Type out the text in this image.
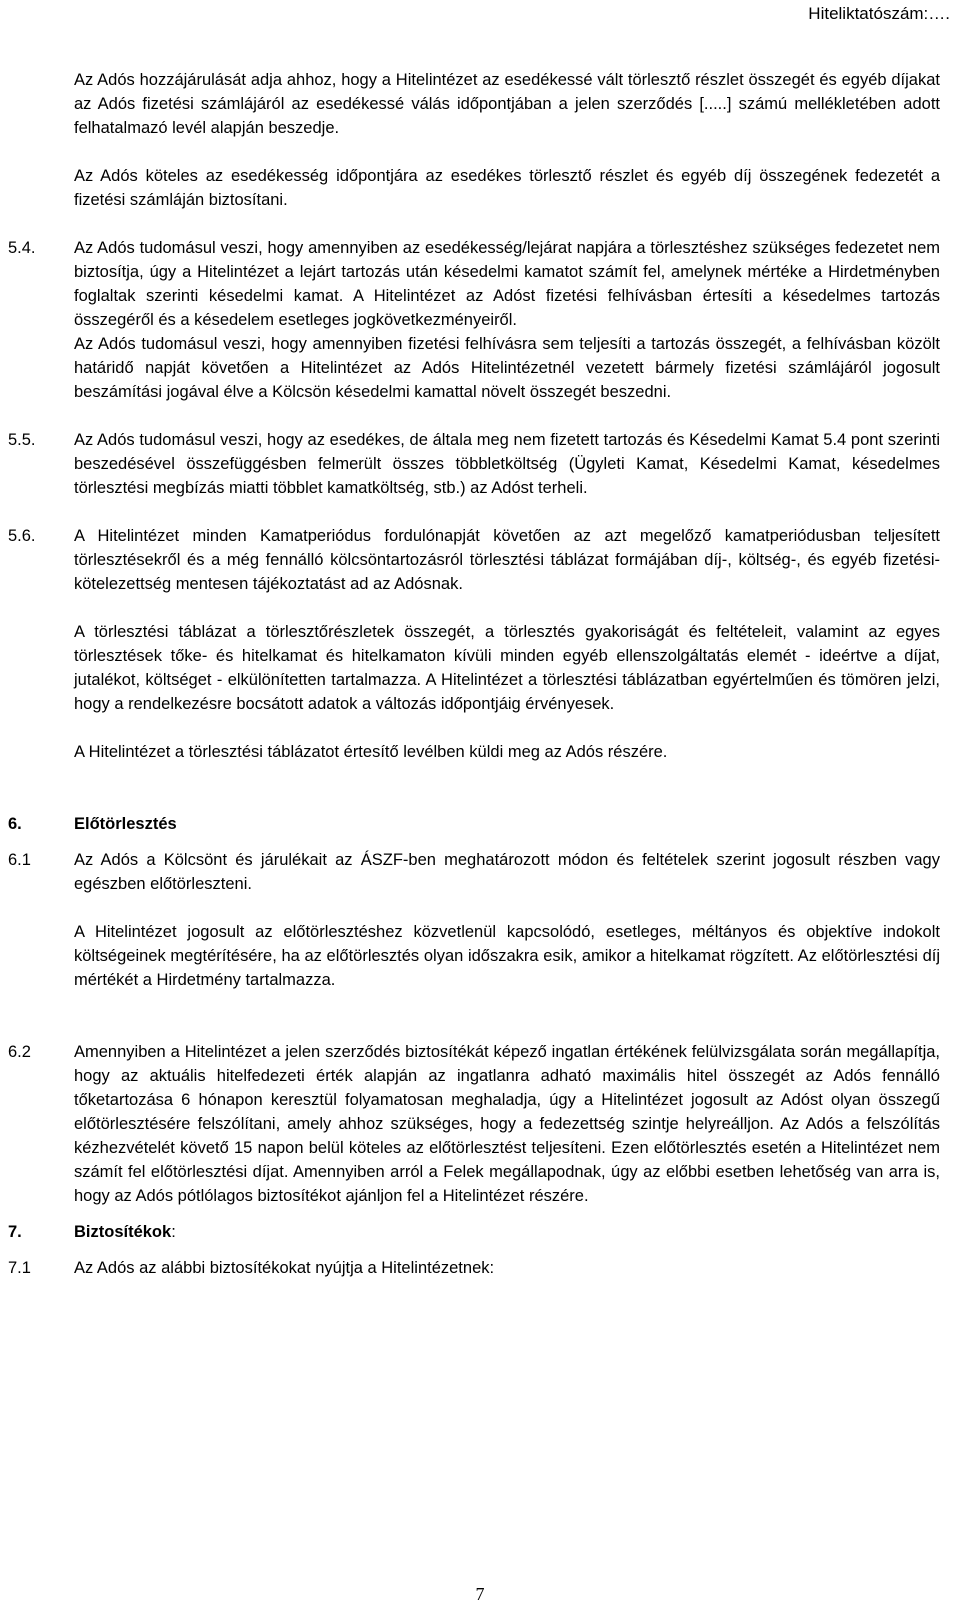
Hiteliktatószám:….
Az Adós hozzájárulását adja ahhoz, hogy a Hitelintézet az esedékessé vált törlesztő részlet összegét és egyéb díjakat az Adós fizetési számlájáról az esedékessé válás időpontjában a jelen szerződés [.....] számú mellékletében adott felhatalmazó levél alapján beszedje.
Az Adós köteles az esedékesség időpontjára az esedékes törlesztő részlet és egyéb díj összegének fedezetét a fizetési számláján biztosítani.
5.4.	Az Adós tudomásul veszi, hogy amennyiben az esedékesség/lejárat napjára a törlesztéshez szükséges fedezetet nem biztosítja, úgy a Hitelintézet a lejárt tartozás után késedelmi kamatot számít fel, amelynek mértéke a Hirdetményben foglaltak szerinti késedelmi kamat. A Hitelintézet az Adóst fizetési felhívásban értesíti a késedelmes tartozás összegéről és a késedelem esetleges jogkövetkezményeiről.
Az Adós tudomásul veszi, hogy amennyiben fizetési felhívásra sem teljesíti a tartozás összegét, a felhívásban közölt határidő napját követően a Hitelintézet az Adós Hitelintézetnél vezetett bármely fizetési számlájáról jogosult beszámítási jogával élve a Kölcsön késedelmi kamattal növelt összegét beszedni.
5.5.	Az Adós tudomásul veszi, hogy az esedékes, de általa meg nem fizetett tartozás és Késedelmi Kamat 5.4 pont szerinti beszedésével összefüggésben felmerült összes többletköltség (Ügyleti Kamat, Késedelmi Kamat, késedelmes törlesztési megbízás miatti többlet kamatköltség, stb.) az Adóst terheli.
5.6.	A Hitelintézet minden Kamatperiódus fordulónapját követően az azt megelőző kamatperiódusban teljesített törlesztésekről és a még fennálló kölcsöntartozásról törlesztési táblázat formájában díj-, költség-, és egyéb fizetési-kötelezettség mentesen tájékoztatást ad az Adósnak.
A törlesztési táblázat a törlesztőrészletek összegét, a törlesztés gyakoriságát és feltételeit, valamint az egyes törlesztések tőke- és hitelkamat és hitelkamaton kívüli minden egyéb ellenszolgáltatás elemét - ideértve a díjat, jutalékot, költséget - elkülönítetten tartalmazza. A Hitelintézet a törlesztési táblázatban egyértelműen és tömören jelzi, hogy a rendelkezésre bocsátott adatok a változás időpontjáig érvényesek.
A Hitelintézet a törlesztési táblázatot értesítő levélben küldi meg az Adós részére.
6.	Előtörlesztés
6.1	Az Adós a Kölcsönt és járulékait az ÁSZF-ben meghatározott módon és feltételek szerint jogosult részben vagy egészben előtörleszteni.
A Hitelintézet jogosult az előtörlesztéshez közvetlenül kapcsolódó, esetleges, méltányos és objektíve indokolt költségeinek megtérítésére, ha az előtörlesztés olyan időszakra esik, amikor a hitelkamat rögzített. Az előtörlesztési díj mértékét a Hirdetmény tartalmazza.
6.2	Amennyiben a Hitelintézet a jelen szerződés biztosítékát képező ingatlan értékének felülvizsgálata során megállapítja, hogy az aktuális hitelfedezeti érték alapján az ingatlanra adható maximális hitel összegét az Adós fennálló tőketartozása 6 hónapon keresztül folyamatosan meghaladja, úgy a Hitelintézet jogosult az Adóst olyan összegű előtörlesztésére felszólítani, amely ahhoz szükséges, hogy a fedezettség szintje helyreálljon. Az Adós a felszólítás kézhezvételét követő 15 napon belül köteles az előtörlesztést teljesíteni. Ezen előtörlesztés esetén a Hitelintézet nem számít fel előtörlesztési díjat. Amennyiben arról a Felek megállapodnak, úgy az előbbi esetben lehetőség van arra is, hogy az Adós pótlólagos biztosítékot ajánljon fel a Hitelintézet részére.
7.	Biztosítékok:
7.1	Az Adós az alábbi biztosítékokat nyújtja a Hitelintézetnek:
7
